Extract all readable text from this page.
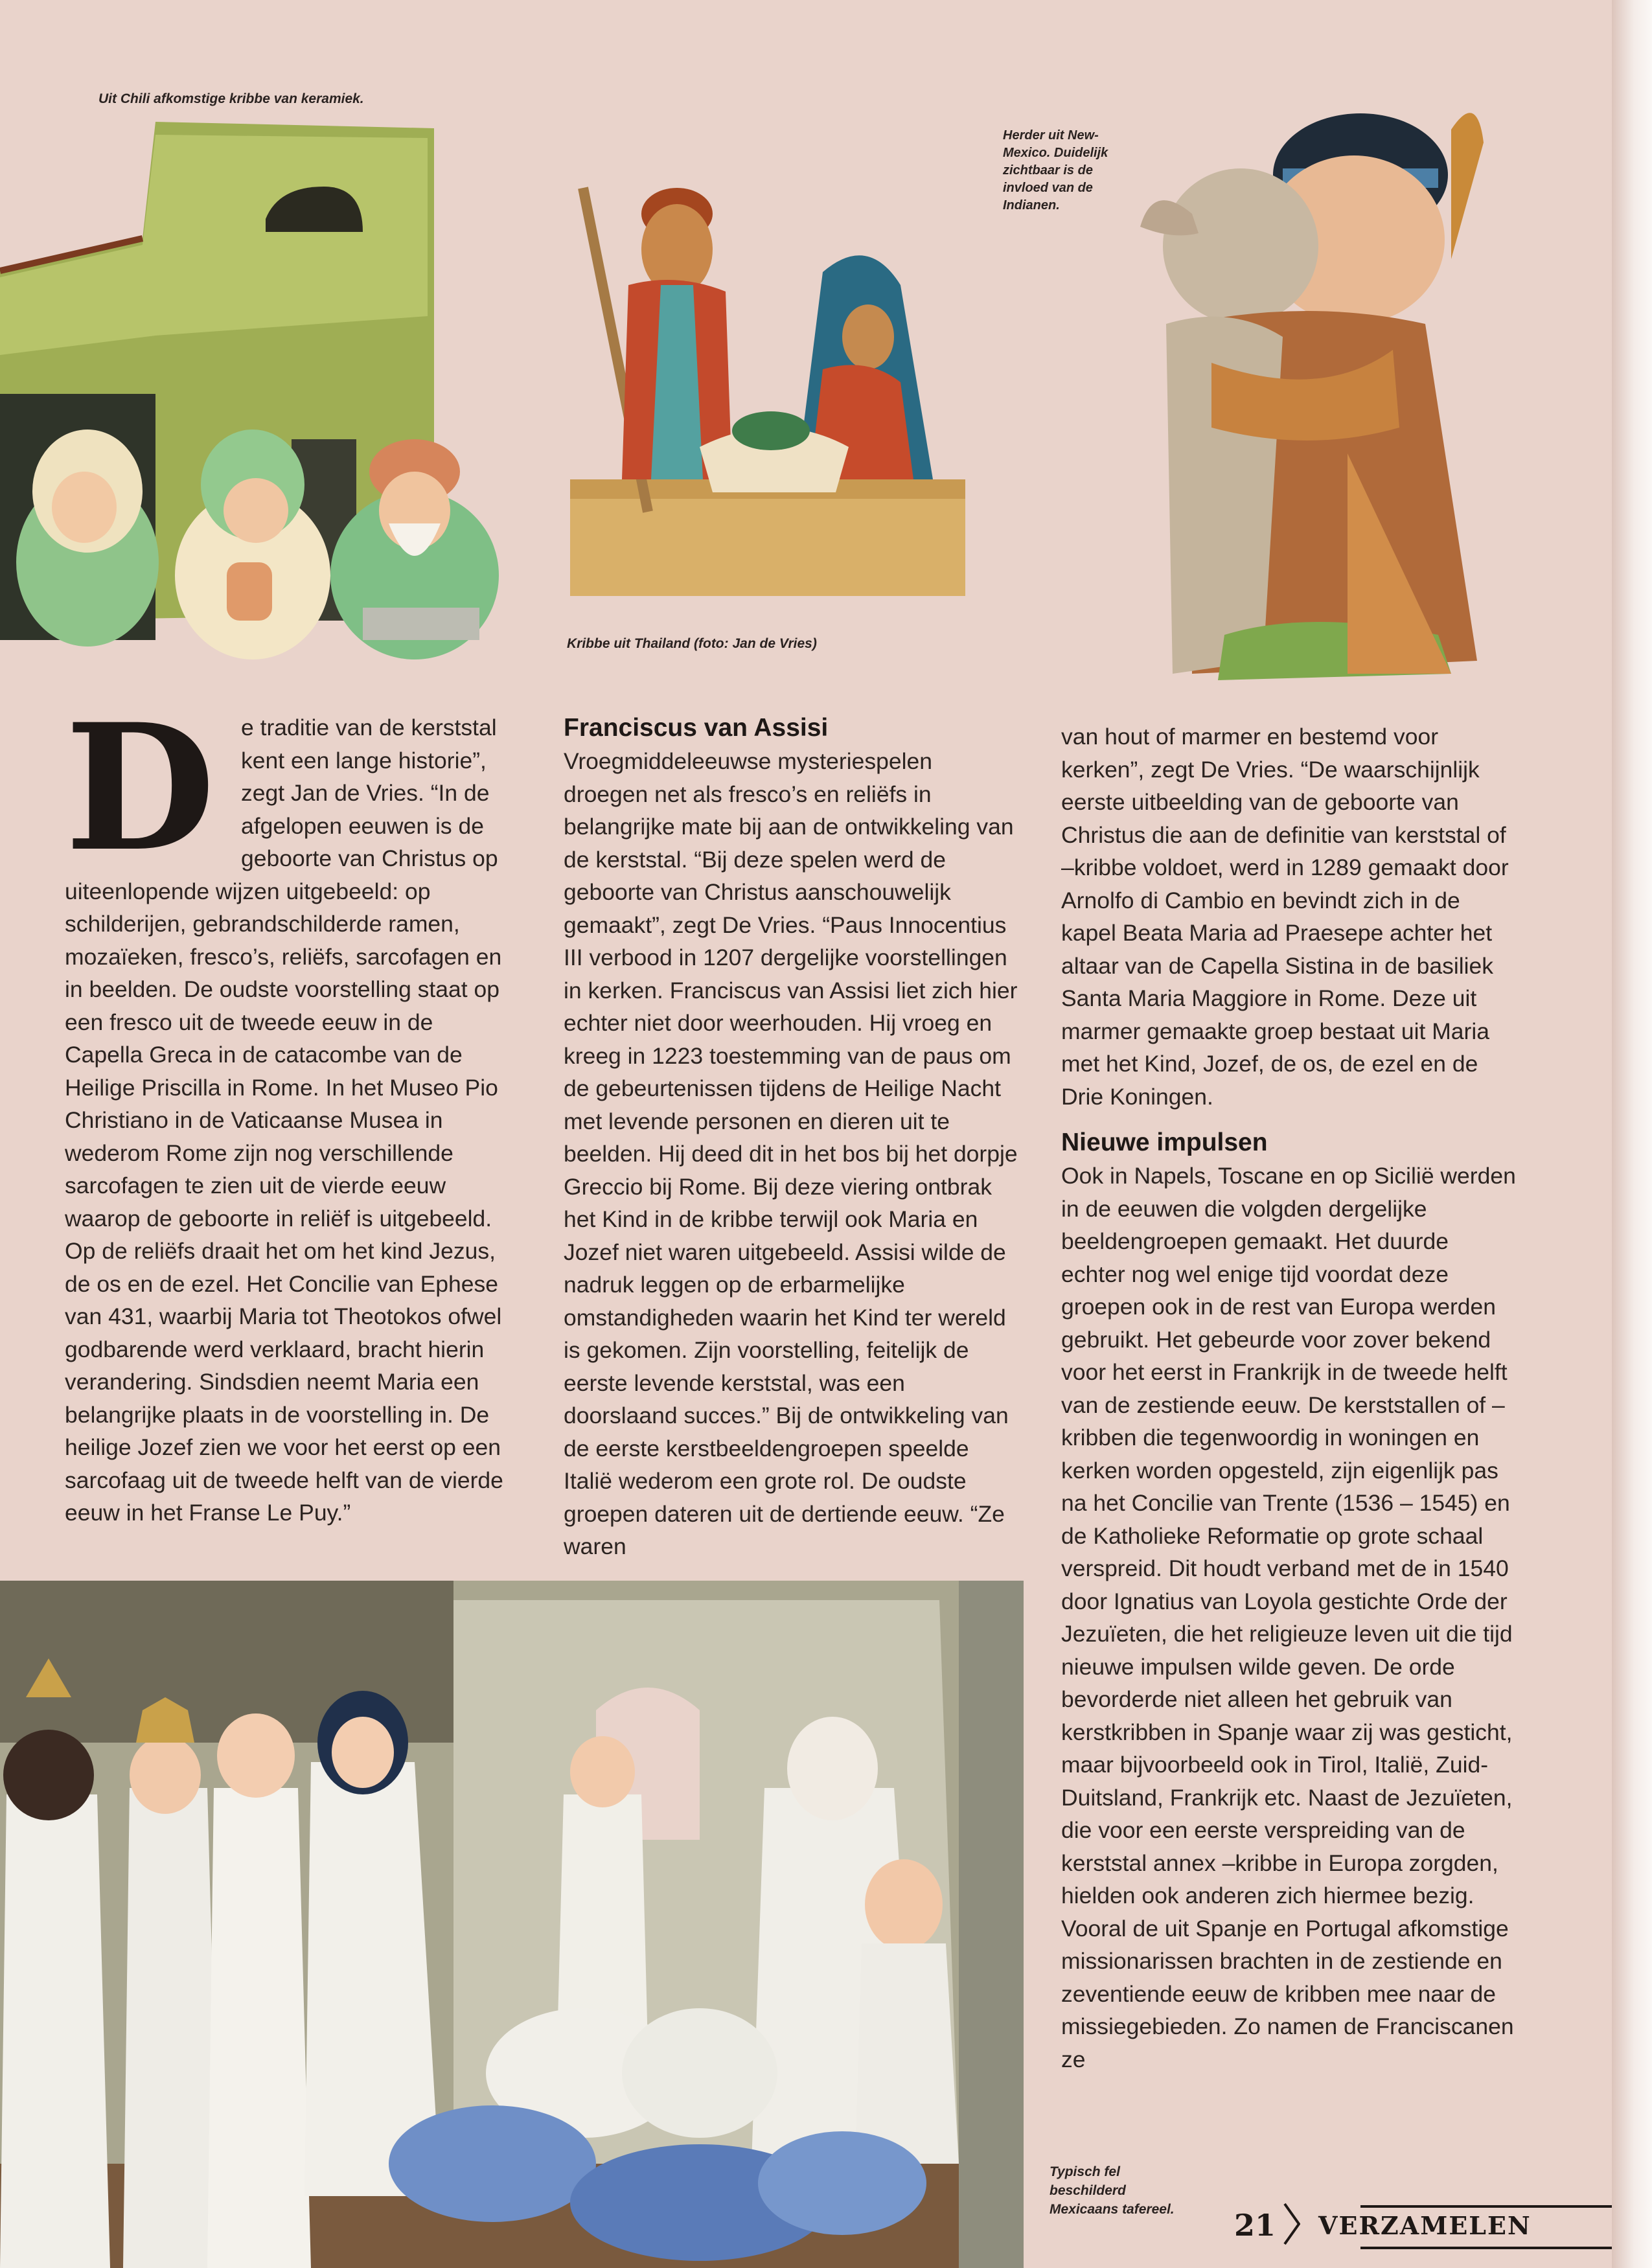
Uit Chili afkomstige kribbe van keramiek.
Herder uit New-
Mexico. Duidelijk
zichtbaar is de
invloed van de
Indianen.
Kribbe uit Thailand (foto: Jan de Vries)
Typisch fel
beschilderd
Mexicaans tafereel.
D	e traditie van de kerststal kent een lange historie”, zegt Jan de Vries. “In de afgelopen eeuwen is de geboorte van Christus op uiteenlopende wijzen uitgebeeld: op schilderijen, gebrandschilderde ramen, mozaïeken, fresco’s, reliëfs, sarcofagen en in beelden. De oudste voorstelling staat op een fresco uit de tweede eeuw in de Capella Greca in de catacombe van de Heilige Priscilla in Rome. In het Museo Pio Christiano in de Vaticaanse Musea in wederom Rome zijn nog verschillende sarcofagen te zien uit de vierde eeuw waarop de geboorte in reliëf is uitgebeeld. Op de reliëfs draait het om het kind Jezus, de os en de ezel. Het Concilie van Ephese van 431, waarbij Maria tot Theotokos ofwel godbarende werd verklaard, bracht hierin verandering. Sindsdien neemt Maria een belangrijke plaats in de voorstelling in. De heilige Jozef zien we voor het eerst op een sarcofaag uit de tweede helft van de vierde eeuw in het Franse Le Puy.”

Franciscus van Assisi

Vroegmiddeleeuwse mysteriespelen droegen net als fresco’s en reliëfs in belangrijke mate bij aan de ontwikkeling van de kerststal. “Bij deze spelen werd de geboorte van Christus aanschouwelijk gemaakt”, zegt De Vries. “Paus Innocentius III verbood in 1207 dergelijke voorstellingen in kerken. Franciscus van Assisi liet zich hier echter niet door weerhouden. Hij vroeg en kreeg in 1223 toestemming van de paus om de gebeurtenissen tijdens de Heilige Nacht met levende personen en dieren uit te beelden. Hij deed dit in het bos bij het dorpje Greccio bij Rome. Bij deze viering ontbrak het Kind in de kribbe terwijl ook Maria en Jozef niet waren uitgebeeld. Assisi wilde de nadruk leggen op de erbarmelijke omstandigheden waarin het Kind ter wereld is gekomen. Zijn voorstelling, feitelijk de eerste levende kerststal, was een doorslaand succes.” Bij de ontwikkeling van de eerste kerstbeeldengroepen speelde Italië wederom een grote rol. De oudste groepen dateren uit de dertiende eeuw. “Ze waren

van hout of marmer en bestemd voor kerken”, zegt De Vries. “De waarschijnlijk eerste uitbeelding van de geboorte van Christus die aan de definitie van kerststal of –kribbe voldoet, werd in 1289 gemaakt door Arnolfo di Cambio en bevindt zich in de kapel Beata Maria ad Praesepe achter het altaar van de Capella Sistina in de basiliek Santa Maria Maggiore in Rome. Deze uit marmer gemaakte groep bestaat uit Maria met het Kind, Jozef, de os, de ezel en de Drie Koningen.

Nieuwe impulsen

Ook in Napels, Toscane en op Sicilië werden in de eeuwen die volgden dergelijke beeldengroepen gemaakt. Het duurde echter nog wel enige tijd voordat deze groepen ook in de rest van Europa werden gebruikt. Het gebeurde voor zover bekend voor het eerst in Frankrijk in de tweede helft van de zestiende eeuw. De kerststallen of –kribben die tegenwoordig in woningen en kerken worden opgesteld, zijn eigenlijk pas na het Concilie van Trente (1536 – 1545) en de Katholieke Reformatie op grote schaal verspreid. Dit houdt verband met de in 1540 door Ignatius van Loyola gestichte Orde der Jezuïeten, die het religieuze leven uit die tijd nieuwe impulsen wilde geven. De orde bevorderde niet alleen het gebruik van kerstkribben in Spanje waar zij was gesticht, maar bijvoorbeeld ook in Tirol, Italië, Zuid-Duitsland, Frankrijk etc. Naast de Jezuïeten, die voor een eerste verspreiding van de kerststal annex –kribbe in Europa zorgden, hielden ook anderen zich hiermee bezig. Vooral de uit Spanje en Portugal afkomstige missionarissen brachten in de zestiende en zeventiende eeuw de kribben mee naar de missiegebieden. Zo namen de Franciscanen ze

21 VERZAMELEN
